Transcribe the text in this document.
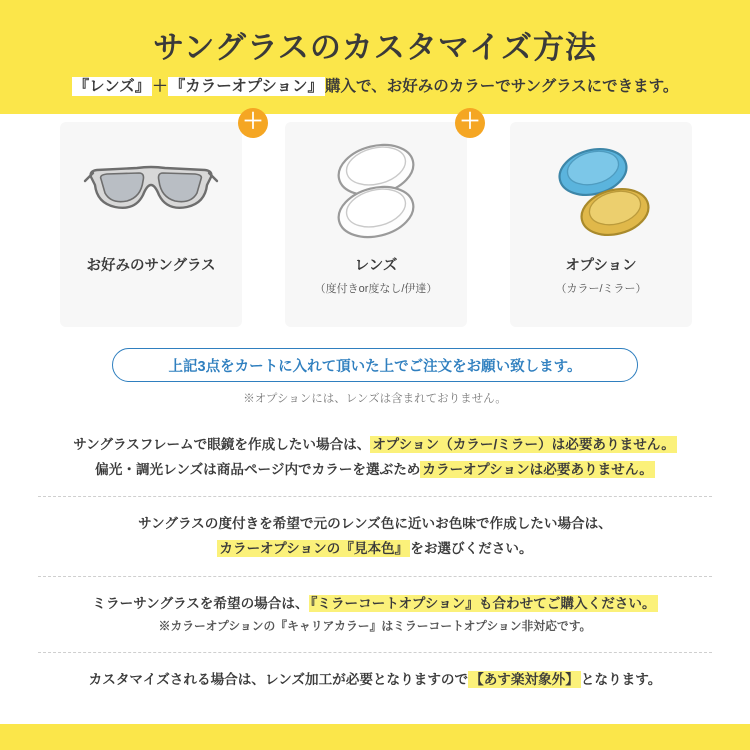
サングラスのカスタマイズ方法
『レンズ』 ＋ 『カラーオプション』 購入で、お好みのカラーでサングラスにできます。
お好みのサングラス	レンズ
（度付きor度なし/伊達）
オプション
（カラー/ミラー）
＋	＋
上記3点をカートに入れて頂いた上でご注文をお願い致します。
※オプションには、レンズは含まれておりません。
サングラスフレームで眼鏡を作成したい場合は、 オプション（カラー/ミラー）は必要ありません。
偏光・調光レンズは商品ページ内でカラーを選ぶため カラーオプションは必要ありません。
サングラスの度付きを希望で元のレンズ色に近いお色味で作成したい場合は、
カラーオプションの『見本色』 をお選びください。
ミラーサングラスを希望の場合は、 『ミラーコートオプション』も合わせてご購入ください。
※カラーオプションの『キャリアカラー』はミラーコートオプション非対応です。
カスタマイズされる場合は、レンズ加工が必要となりますので 【あす楽対象外】 となります。
